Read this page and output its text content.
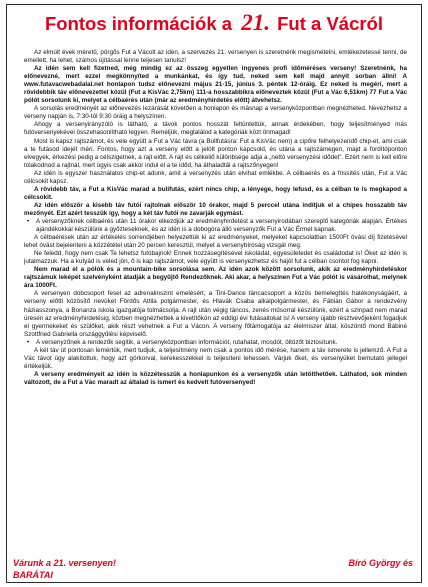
Fontos információk a 21. Fut a Vácról

Az elmúlt évek méretű, pörgős Fut a Vácolt az idén, a szervezés 21. versenyen is szeretnénk megismételni, emlékezetessé tenni, de emellett, ha lehet, számos újítással lenne teljesen tanulsz!

Az idén sem kell fizetned, még mindig ez az összeg egyetlen ingyenes profi időméréses verseny! Szeretnénk, ha előnevezné, mert ezzel megkönnyíted a munkánkat, és így tud, neked sem kell majd annyit sorban állni! A www.futavacwebadalal.net honlapon tudsz előnevezni május 21-15, június 3. péntek 12-óráig. Ez neked is megéri, mert a rövidebbik táv előnevezettel közül (Fut a KisVác 2,75km) 111-a hosszabbikra előneveztek közül (Fut a Vác 6,51km) 77 Fut a Vác pólót sorsolunk ki, melyet a célbaérés után (már az eredményhirdetés előtt) átvehetsz.

A sorsolás eredményét az előnevezés lezárását követően a honlapon és másnap a versenyközpontban megnézheted. Nevezhetsz a verseny napján is, 7:30-tól 9:30 óráig a helyszínen.

Ahogy a versenyirányzóló is látható, a távok pontos hosszát feltüntettük, annak érdekében, hogy teljesítményed más futóversenyekével összehasonlítható legyen. Reméljük, megtalálod a kategóriák közt önmagad!

Most is kapsz rajtszámot, és vele együtt a Fut a Vác távra (a Bullfutásra: Fut a KisVác nem) a cipőre felhelyezendő chip-et, ami csak a te futásod idejét méri. Fontos, hogy azt a verseny előtt a jelölt ponton kapcsold, és utána a rajtszámegen, majd a fordítóponton elvegyek, érkezési pedig a célszigetnek, a rajt előtt. A rajt és célkeliő különbsége adja a „nettó versenyzési idődet”. Ezért nem is kell előre tolakodnod a rajtnál, mert úgyis csak akkor indul el a te időd, ha áthaladtál a rajtszőnyegen!

Az idén is egyszer használatos chip-et adunk, amit a versenyzés után elvihat emlékbe. A célbaérés és a frissítés után, Fut a Vác célcsokit kapsz.

A rövidebb táv, a Fut a KisVác marad a bulifutás, ezért nincs chip, a lényege, hogy lefusd, és a célban te is megkapod a célcsokit.

Az idén először a kisebb táv futói rajtolnak először 10 órakor, majd 5 perccel utána indítjuk el a chipes hosszabb táv mezőnyét. Ezt azért tesszük így, hogy a két táv futói ne zavarják egymást.

• A versenyzőknek célbaérés után 11 órakor elkezdjük az eredményhirdetést a versenyirodában szereplő kategóriák alapján. Értékes ajándékokkal készülünk a győzteseknek, és az idén is a dobogóra álló versenyzők Fut a Vác Érmet kapnak.

A célbaérések után az értékelés sorrendjében helyezettük ki az eredményeket, melyeket kapcsolatban 1500Ft óvási díj fizetésével lehet óvást bejelenteni a közzététel után 20 percen keresztül, melyet a versenybíróság vizsgál meg.

Ne feledd, hogy nem csak Te lehetsz futóbajnok! Ennek hozzásegítésével iskoládat, egyesületedet és családodat is! Öket az idén is jutalmazzuk. Ha a kutyád is veled jön, ő is kap rajtszámot, vele együtt is versenyezhetsz és hajól fut a célban csontot fog kapni.

Nem marad el a pólók és a mountain-bike sorsolása sem. Az idén azok között sorsolunk, akik az eredményhirdetéskor rajtszámuk leképét szelvényként átadják a begyűjtő Rendezőknek. Aki akar, a helyszínen Fut a Vác pólót is vásárolhat, melynek ára 1000Ft.

A versenyen dobcsoport fesel az adrenalinszint emelésért, a Tini-Dance táncacsoport a közös bemelegítés hatékonyságáért, a verseny előtti közösítő nevüket Fördős Attila polgármester, és Hlavák Csaba alkalpolgármester, és Fábián Gábor a rendezvény háziasszonya, a Bonanza iskola igazgatója tolmácsolja. A rajt után végig táncos, zenés műsorral készülünk, ezért a színpad nem marad üresen az eredményhirdetésig, közben megnézhettek a kivetítőkön az eddigi évi futásaitokat is! A verseny újabb résztvevőjeként fogadjuk el gyermekeket és szülőket, akik részt vehetnek a Fut a Vácon. A verseny főtámogatója az élelmiszer által, köszöntő mond Bábiné Szottfried Gabriella országgyűlési képviselő.

• A versenyzőnek a rendezők segítik, a versenyközpontban információt, rutahatat, mosdót, öltözőt biztosítunk.

A két táv út pontosan lemértük, mert tudjuk, a teljesítmény nem csak a pontos idő mérése, hanem a táv ismerete is jellemző. A Fut a Vác távot úgy alakítottuk, hogy azt görkorval, kerekesszékkel is teljesíteni lehessen. Várjuk őket, és versenyüket bemutató jellegel értékeljük.

A verseny eredményeit az idén is közzétesszük a honlapunkon és a versenyzők után letölthetőek. Láthatod, sok minden változott, de a Fut a Vác maradt az általad is ismert és kedvelt futóversenyed!

Várunk a 21. versenyen!	Bíró György és
BARÁTAI
